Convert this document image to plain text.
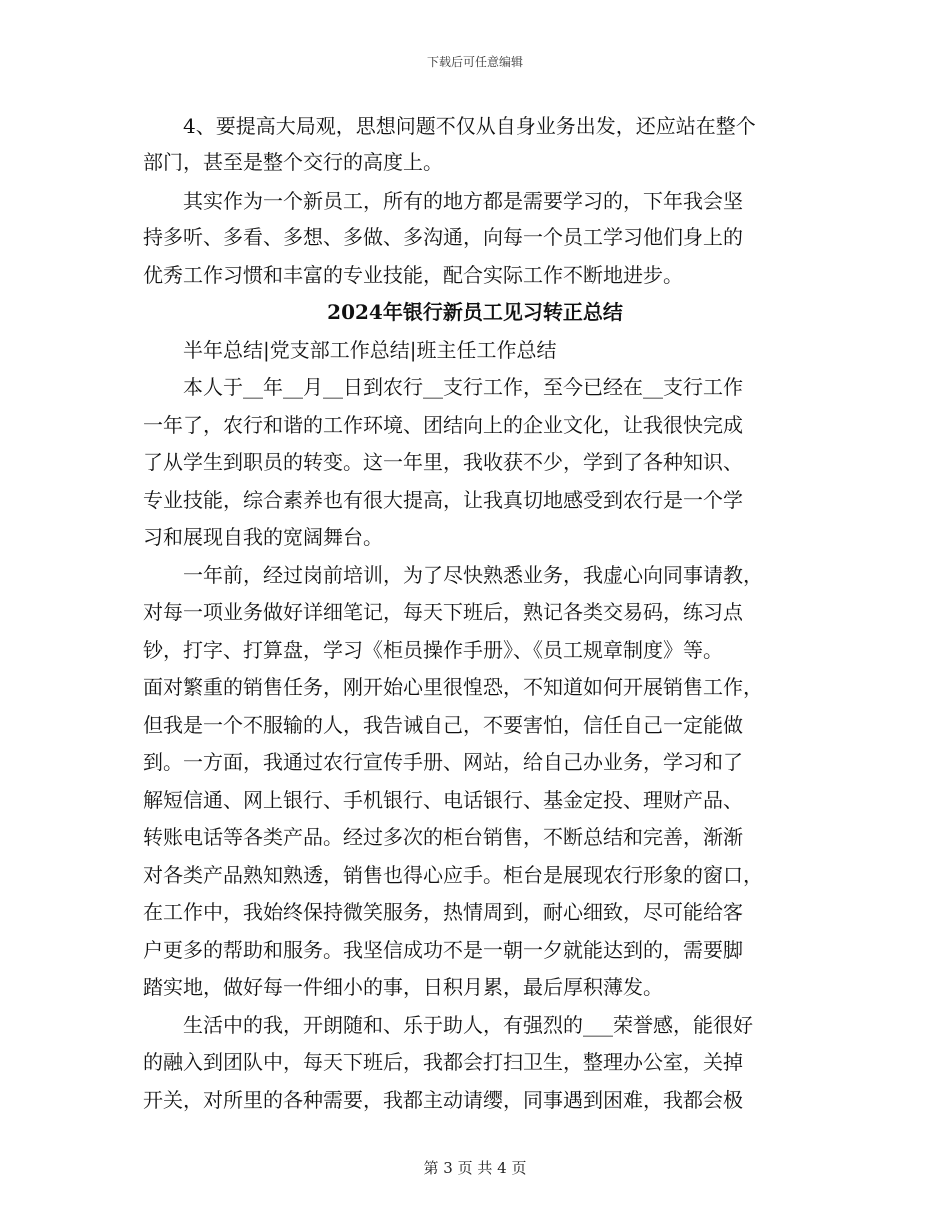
下载后可任意编辑
　　4、要提高大局观，思想问题不仅从自身业务出发，还应站在整个
部门，甚至是整个交行的高度上。
　　其实作为一个新员工，所有的地方都是需要学习的，下年我会坚
持多听、多看、多想、多做、多沟通，向每一个员工学习他们身上的
优秀工作习惯和丰富的专业技能，配合实际工作不断地进步。
2024年银行新员工见习转正总结
　　半年总结|党支部工作总结|班主任工作总结
　　本人于__年__月__日到农行__支行工作，至今已经在__支行工作
一年了，农行和谐的工作环境、团结向上的企业文化，让我很快完成
了从学生到职员的转变。这一年里，我收获不少，学到了各种知识、
专业技能，综合素养也有很大提高，让我真切地感受到农行是一个学
习和展现自我的宽阔舞台。
　　一年前，经过岗前培训，为了尽快熟悉业务，我虚心向同事请教，
对每一项业务做好详细笔记，每天下班后，熟记各类交易码，练习点
钞，打字、打算盘，学习《柜员操作手册》、《员工规章制度》等。
面对繁重的销售任务，刚开始心里很惶恐，不知道如何开展销售工作，
但我是一个不服输的人，我告诫自己，不要害怕，信任自己一定能做
到。一方面，我通过农行宣传手册、网站，给自己办业务，学习和了
解短信通、网上银行、手机银行、电话银行、基金定投、理财产品、
转账电话等各类产品。经过多次的柜台销售，不断总结和完善，渐渐
对各类产品熟知熟透，销售也得心应手。柜台是展现农行形象的窗口，
在工作中，我始终保持微笑服务，热情周到，耐心细致，尽可能给客
户更多的帮助和服务。我坚信成功不是一朝一夕就能达到的，需要脚
踏实地，做好每一件细小的事，日积月累，最后厚积薄发。
　　生活中的我，开朗随和、乐于助人，有强烈的___荣誉感，能很好
的融入到团队中，每天下班后，我都会打扫卫生，整理办公室，关掉
开关，对所里的各种需要，我都主动请缨，同事遇到困难，我都会极
第 3 页 共 4 页
